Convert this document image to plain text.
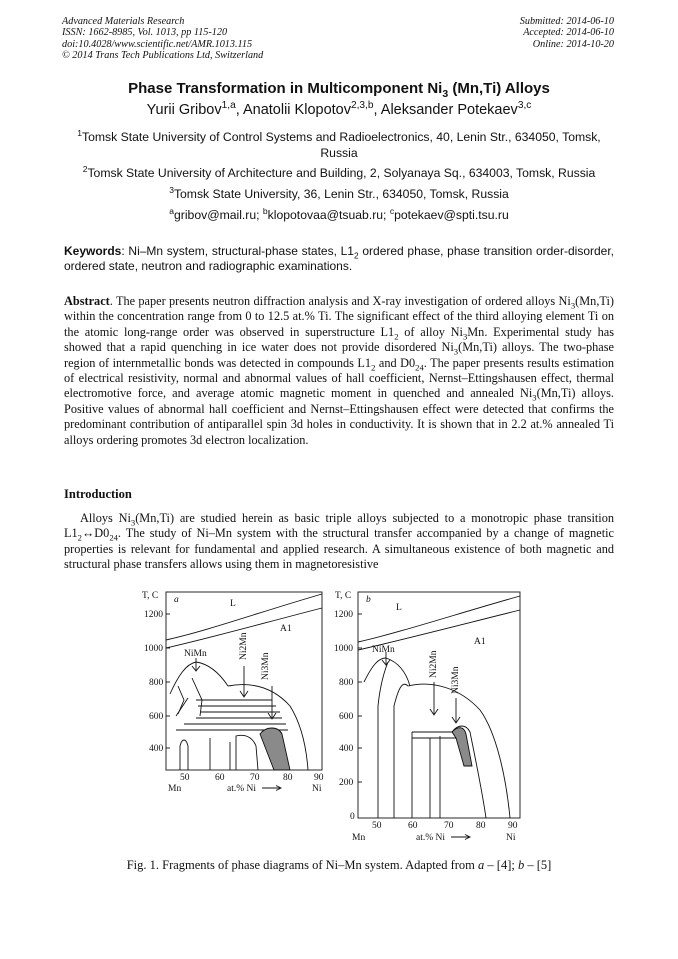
Advanced Materials Research
ISSN: 1662-8985, Vol. 1013, pp 115-120
doi:10.4028/www.scientific.net/AMR.1013.115
© 2014 Trans Tech Publications Ltd, Switzerland
Submitted: 2014-06-10
Accepted: 2014-06-10
Online: 2014-10-20
Phase Transformation in Multicomponent $Ni_3$ (Mn,Ti) Alloys
Yurii Gribov$^{1,a}$, Anatolii Klopotov$^{2,3,b}$, Aleksander Potekaev$^{3,c}$
$^1$Tomsk State University of Control Systems and Radioelectronics, 40, Lenin Str., 634050, Tomsk, Russia
$^2$Tomsk State University of Architecture and Building, 2, Solyanaya Sq., 634003, Tomsk, Russia
$^3$Tomsk State University, 36, Lenin Str., 634050, Tomsk, Russia
$^a$gribov@mail.ru; $^b$klopotovaa@tsuab.ru; $^c$potekaev@spti.tsu.ru
Keywords: Ni–Mn system, structural-phase states, $L1_2$ ordered phase, phase transition order-disorder, ordered state, neutron and radiographic examinations.
Abstract. The paper presents neutron diffraction analysis and X-ray investigation of ordered alloys $Ni_3(Mn,Ti)$ within the concentration range from 0 to 12.5 at.% Ti. The significant effect of the third alloying element Ti on the atomic long-range order was observed in superstructure $L1_2$ of alloy $Ni_3Mn$. Experimental study has showed that a rapid quenching in ice water does not provide disordered $Ni_3(Mn,Ti)$ alloys. The two-phase region of internmetallic bonds was detected in compounds $L1_2$ and $D0_{24}$. The paper presents results estimation of electrical resistivity, normal and abnormal values of hall coefficient, Nernst–Ettingshausen effect, thermal electromotive force, and average atomic magnetic moment in quenched and annealed $Ni_3(Mn,Ti)$ alloys. Positive values of abnormal hall coefficient and Nernst–Ettingshausen effect were detected that confirms the predominant contribution of antiparallel spin 3d holes in conductivity. It is shown that in 2.2 at.% annealed Ti alloys ordering promotes 3d electron localization.
Introduction
Alloys $Ni_3(Mn,Ti)$ are studied herein as basic triple alloys subjected to a monotropic phase transition $L1_2\leftrightarrow D0_{24}$. The study of Ni–Mn system with the structural transfer accompanied by a change of magnetic properties is relevant for fundamental and applied research. A simultaneous existence of both magnetic and structural phase transfers allows using them in magnetoresistive
T, C a
1200
1000
800
600
400
50	60	70 80 90
Mn	at.% Ni	Ni
L
A1
NiMn	Ni2Mn
Ni3Mn
T, C b
1200
1000
800
600
400
200
0
50	60	70 80 90
Mn	at.% Ni	Ni
L
A1
NiMn
Ni2Mn
Ni3Mn
Fig. 1. Fragments of phase diagrams of Ni–Mn system. Adapted from a – [4]; b – [5]
